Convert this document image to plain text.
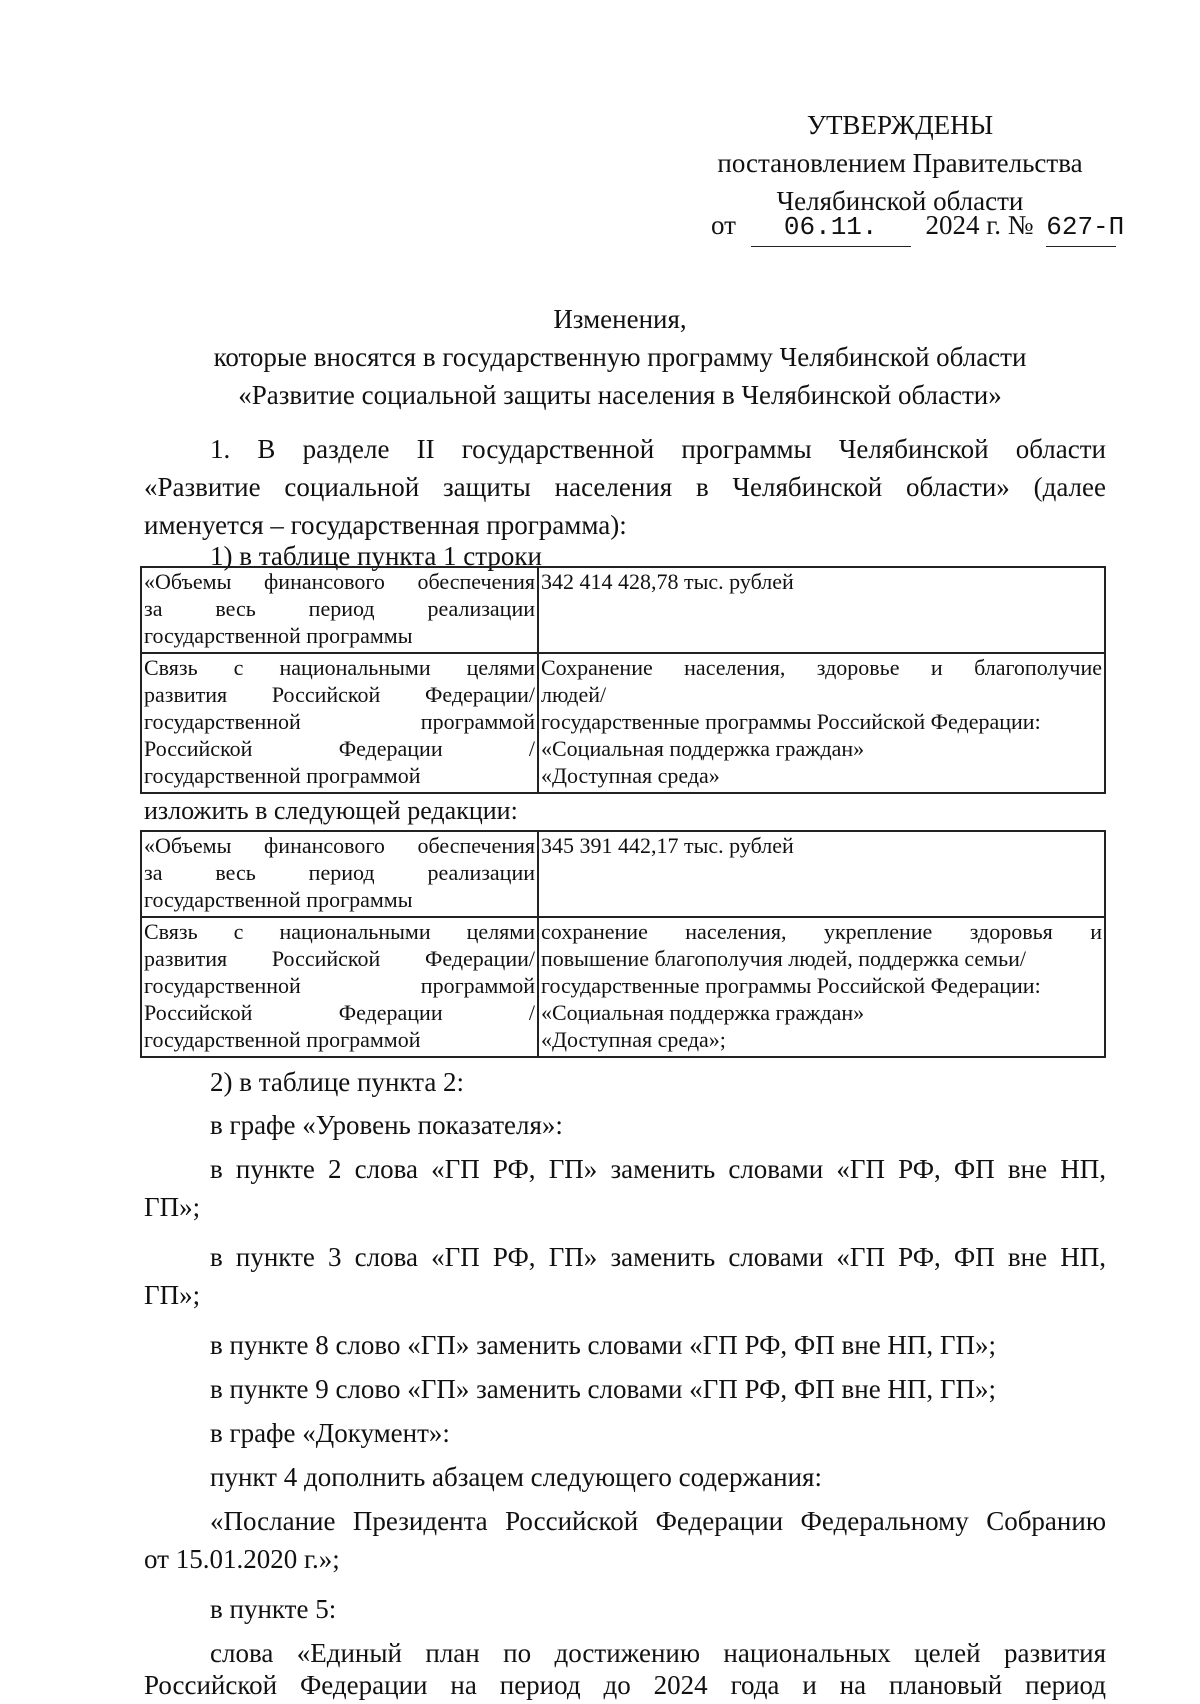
УТВЕРЖДЕНЫ
постановлением Правительства
Челябинской области
от 06.11. 2024 г. № 627-П
Изменения,
которые вносятся в государственную программу Челябинской области
«Развитие социальной защиты населения в Челябинской области»
1. В разделе II государственной программы Челябинской области
«Развитие социальной защиты населения в Челябинской области» (далее
именуется – государственная программа):
1) в таблице пункта 1 строки
«Объемы финансового обеспечения
за весь период реализации
государственной программы	342 414 428,78 тыс. рублей

Связь с национальными целями
развития Российской Федерации/
государственной программой
Российской Федерации /
государственной программой	Сохранение населения, здоровье и благополучие
людей/
государственные программы Российской Федерации:
«Социальная поддержка граждан»
«Доступная среда»
изложить в следующей редакции:
«Объемы финансового обеспечения
за весь период реализации
государственной программы	345 391 442,17 тыс. рублей

Связь с национальными целями
развития Российской Федерации/
государственной программой
Российской Федерации /
государственной программой	сохранение населения, укрепление здоровья и
повышение благополучия людей, поддержка семьи/
государственные программы Российской Федерации:
«Социальная поддержка граждан»
«Доступная среда»;
2) в таблице пункта 2:
в графе «Уровень показателя»:
в пункте 2 слова «ГП РФ, ГП» заменить словами «ГП РФ, ФП вне НП,
ГП»;
в пункте 3 слова «ГП РФ, ГП» заменить словами «ГП РФ, ФП вне НП,
ГП»;
в пункте 8 слово «ГП» заменить словами «ГП РФ, ФП вне НП, ГП»;
в пункте 9 слово «ГП» заменить словами «ГП РФ, ФП вне НП, ГП»;
в графе «Документ»:
пункт 4 дополнить абзацем следующего содержания:
«Послание Президента Российской Федерации Федеральному Собранию
от 15.01.2020 г.»;
в пункте 5:
слова «Единый план по достижению национальных целей развития
Российской Федерации на период до 2024 года и на плановый период
